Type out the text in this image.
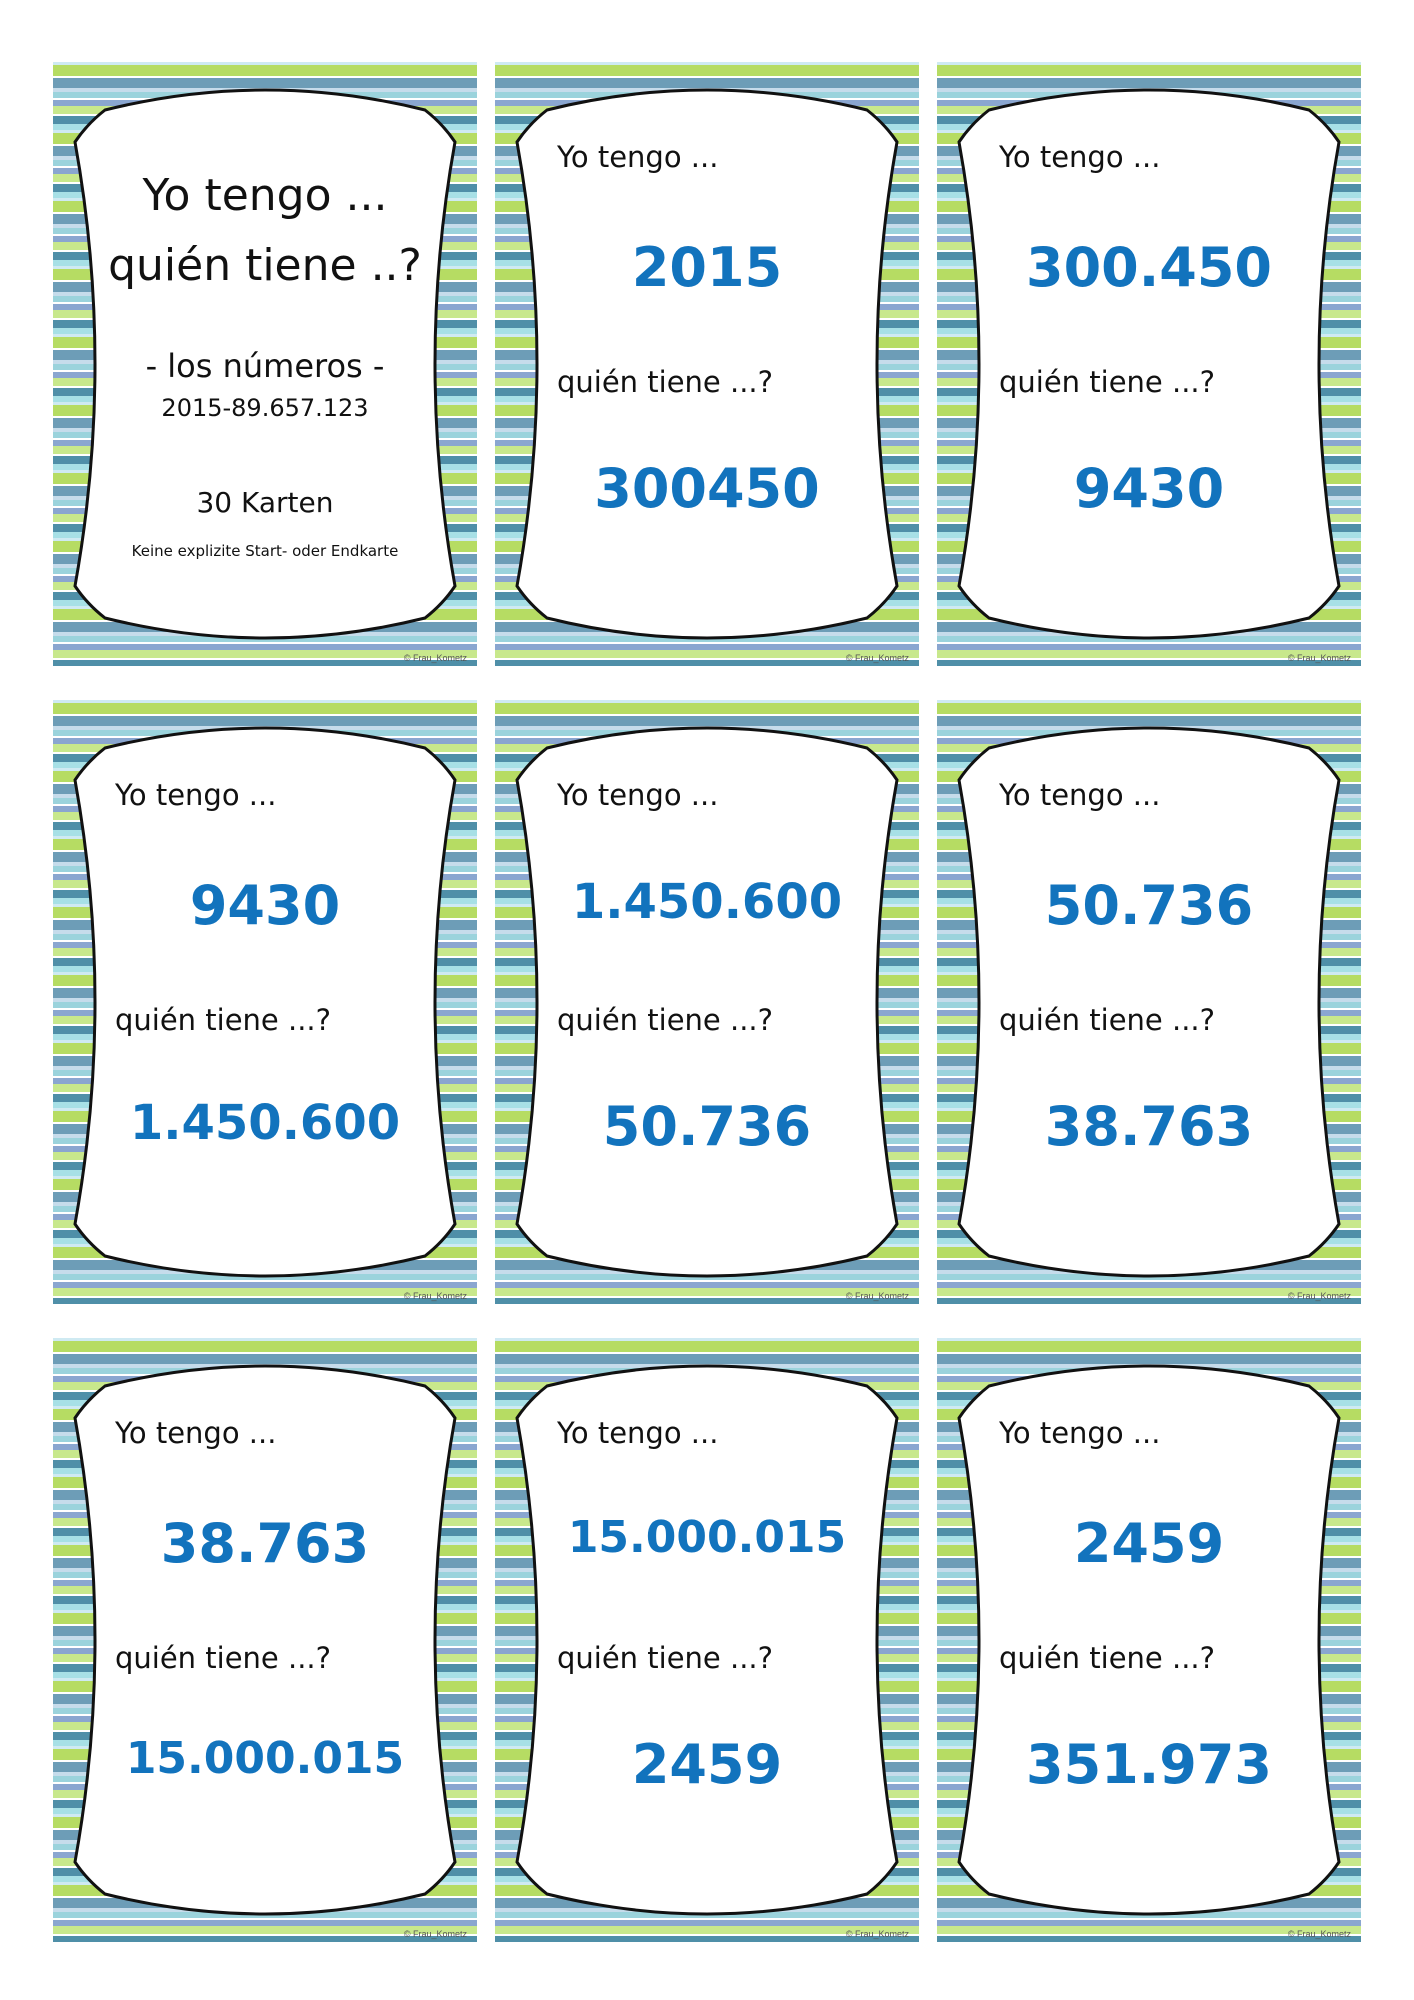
Yo tengo ...
quién tiene ..?
- los números -
2015-89.657.123
30 Karten
Keine explizite Start- oder Endkarte
© Frau_Kometz
Yo tengo ...
2015
quién tiene ...?
300450
© Frau_Kometz
Yo tengo ...
300.450
quién tiene ...?
9430
© Frau_Kometz
Yo tengo ...
9430
quién tiene ...?
1.450.600
© Frau_Kometz
Yo tengo ...
1.450.600
quién tiene ...?
50.736
© Frau_Kometz
Yo tengo ...
50.736
quién tiene ...?
38.763
© Frau_Kometz
Yo tengo ...
38.763
quién tiene ...?
15.000.015
© Frau_Kometz
Yo tengo ...
15.000.015
quién tiene ...?
2459
© Frau_Kometz
Yo tengo ...
2459
quién tiene ...?
351.973
© Frau_Kometz
